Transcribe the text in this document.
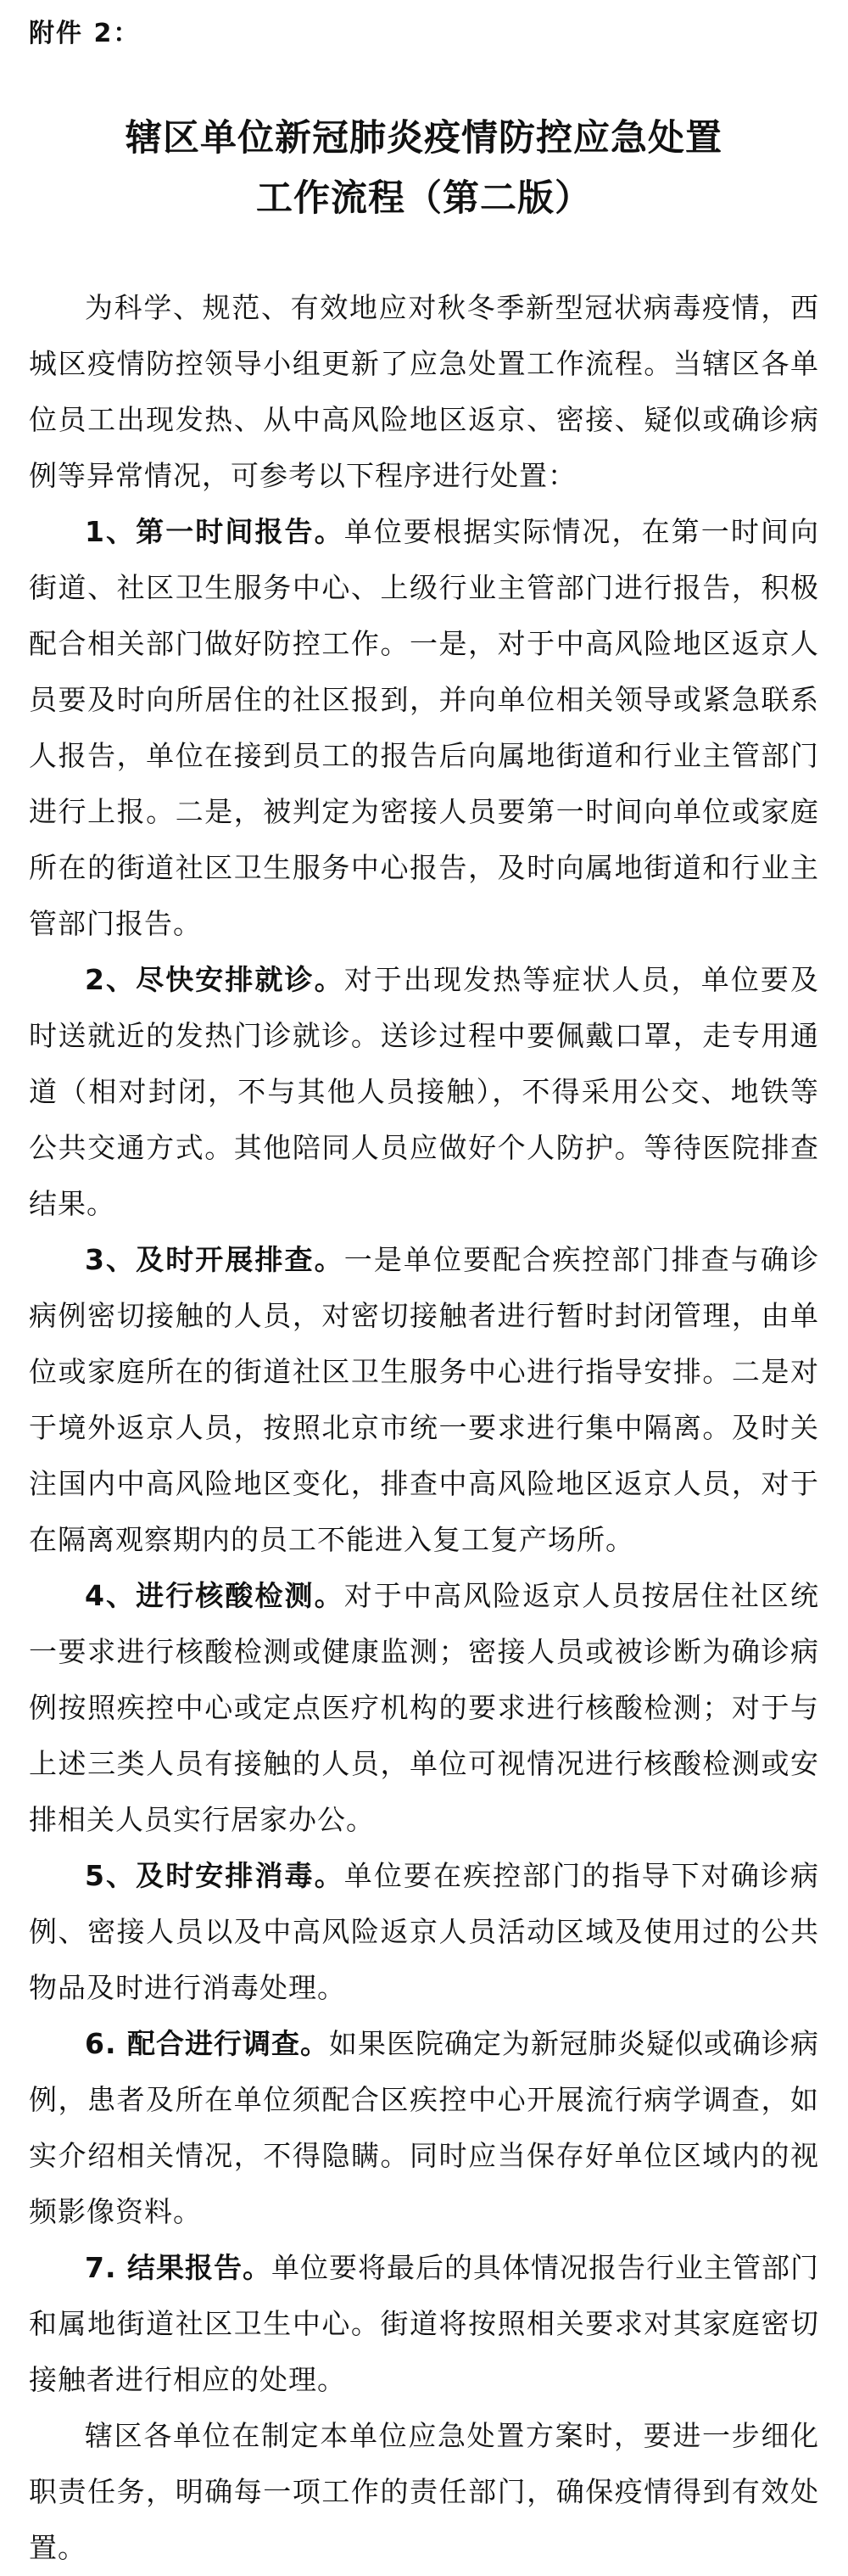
附件 2：
辖区单位新冠肺炎疫情防控应急处置
工作流程（第二版）

为科学、规范、有效地应对秋冬季新型冠状病毒疫情，西城区疫情防控领导小组更新了应急处置工作流程。当辖区各单位员工出现发热、从中高风险地区返京、密接、疑似或确诊病例等异常情况，可参考以下程序进行处置：

1、第一时间报告。单位要根据实际情况，在第一时间向街道、社区卫生服务中心、上级行业主管部门进行报告，积极配合相关部门做好防控工作。一是，对于中高风险地区返京人员要及时向所居住的社区报到，并向单位相关领导或紧急联系人报告，单位在接到员工的报告后向属地街道和行业主管部门进行上报。二是，被判定为密接人员要第一时间向单位或家庭所在的街道社区卫生服务中心报告，及时向属地街道和行业主管部门报告。

2、尽快安排就诊。对于出现发热等症状人员，单位要及时送就近的发热门诊就诊。送诊过程中要佩戴口罩，走专用通道（相对封闭，不与其他人员接触），不得采用公交、地铁等公共交通方式。其他陪同人员应做好个人防护。等待医院排查结果。

3、及时开展排查。一是单位要配合疾控部门排查与确诊病例密切接触的人员，对密切接触者进行暂时封闭管理，由单位或家庭所在的街道社区卫生服务中心进行指导安排。二是对于境外返京人员，按照北京市统一要求进行集中隔离。及时关注国内中高风险地区变化，排查中高风险地区返京人员，对于在隔离观察期内的员工不能进入复工复产场所。

4、进行核酸检测。对于中高风险返京人员按居住社区统一要求进行核酸检测或健康监测；密接人员或被诊断为确诊病例按照疾控中心或定点医疗机构的要求进行核酸检测；对于与上述三类人员有接触的人员，单位可视情况进行核酸检测或安排相关人员实行居家办公。

5、及时安排消毒。单位要在疾控部门的指导下对确诊病例、密接人员以及中高风险返京人员活动区域及使用过的公共物品及时进行消毒处理。

6. 配合进行调查。如果医院确定为新冠肺炎疑似或确诊病例，患者及所在单位须配合区疾控中心开展流行病学调查，如实介绍相关情况，不得隐瞒。同时应当保存好单位区域内的视频影像资料。

7. 结果报告。单位要将最后的具体情况报告行业主管部门和属地街道社区卫生中心。街道将按照相关要求对其家庭密切接触者进行相应的处理。

辖区各单位在制定本单位应急处置方案时，要进一步细化职责任务，明确每一项工作的责任部门，确保疫情得到有效处置。
